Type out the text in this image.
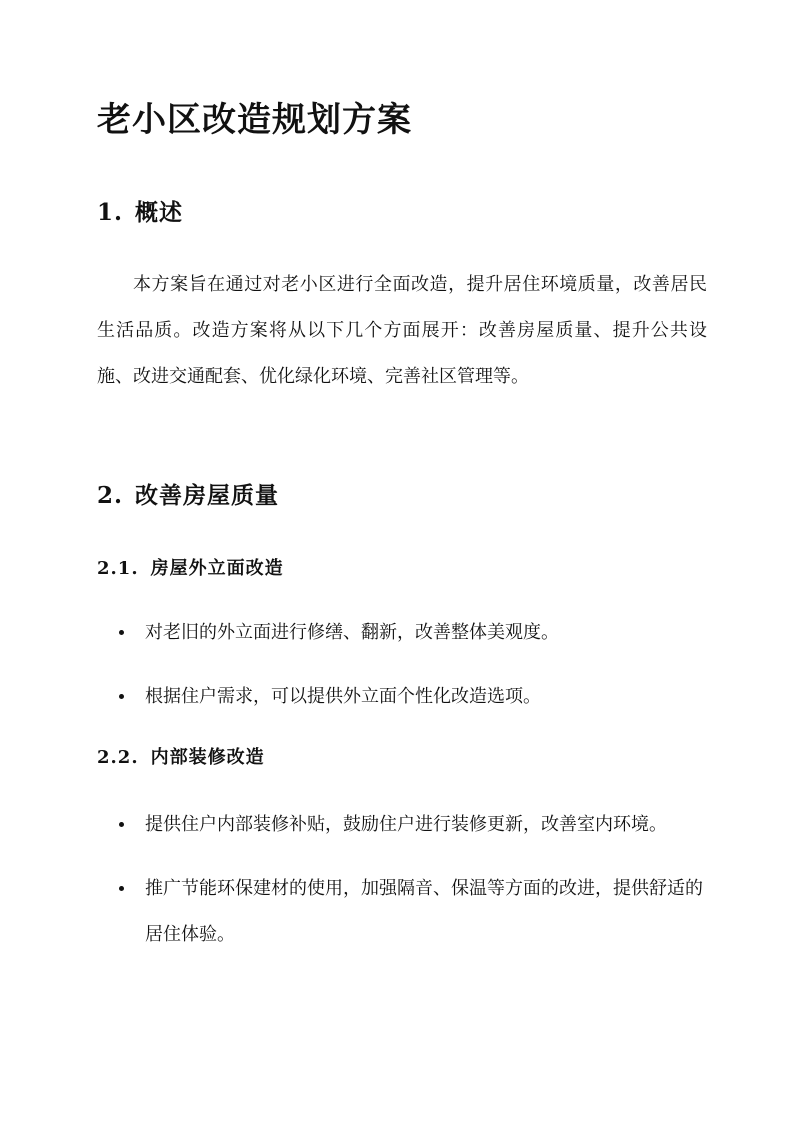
老小区改造规划方案
1. 概述

本方案旨在通过对老小区进行全面改造，提升居住环境质量，改善居民生活品质。改造方案将从以下几个方面展开：改善房屋质量、提升公共设施、改进交通配套、优化绿化环境、完善社区管理等。

2. 改善房屋质量
2.1. 房屋外立面改造
对老旧的外立面进行修缮、翻新，改善整体美观度。
根据住户需求，可以提供外立面个性化改造选项。
2.2. 内部装修改造
提供住户内部装修补贴，鼓励住户进行装修更新，改善室内环境。
推广节能环保建材的使用，加强隔音、保温等方面的改进，提供舒适的居住体验。
